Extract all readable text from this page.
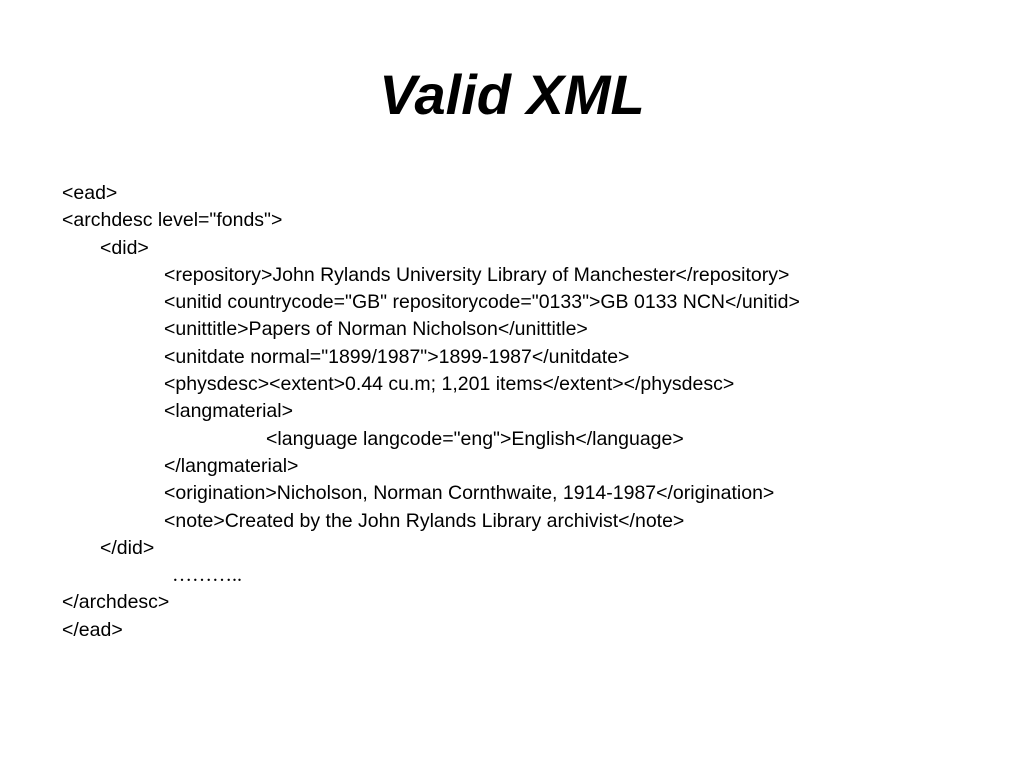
Valid XML
<ead>
<archdesc level="fonds">
<did>
<repository>John Rylands University Library of Manchester</repository>
<unitid countrycode="GB" repositorycode="0133">GB 0133 NCN</unitid>
<unittitle>Papers of Norman Nicholson</unittitle>
<unitdate normal="1899/1987">1899-1987</unitdate>
<physdesc><extent>0.44 cu.m; 1,201 items</extent></physdesc>
<langmaterial>
<language langcode="eng">English</language>
</langmaterial>
<origination>Nicholson, Norman Cornthwaite, 1914-1987</origination>
<note>Created by the John Rylands Library archivist</note>
</did>
………..
</archdesc>
</ead>
